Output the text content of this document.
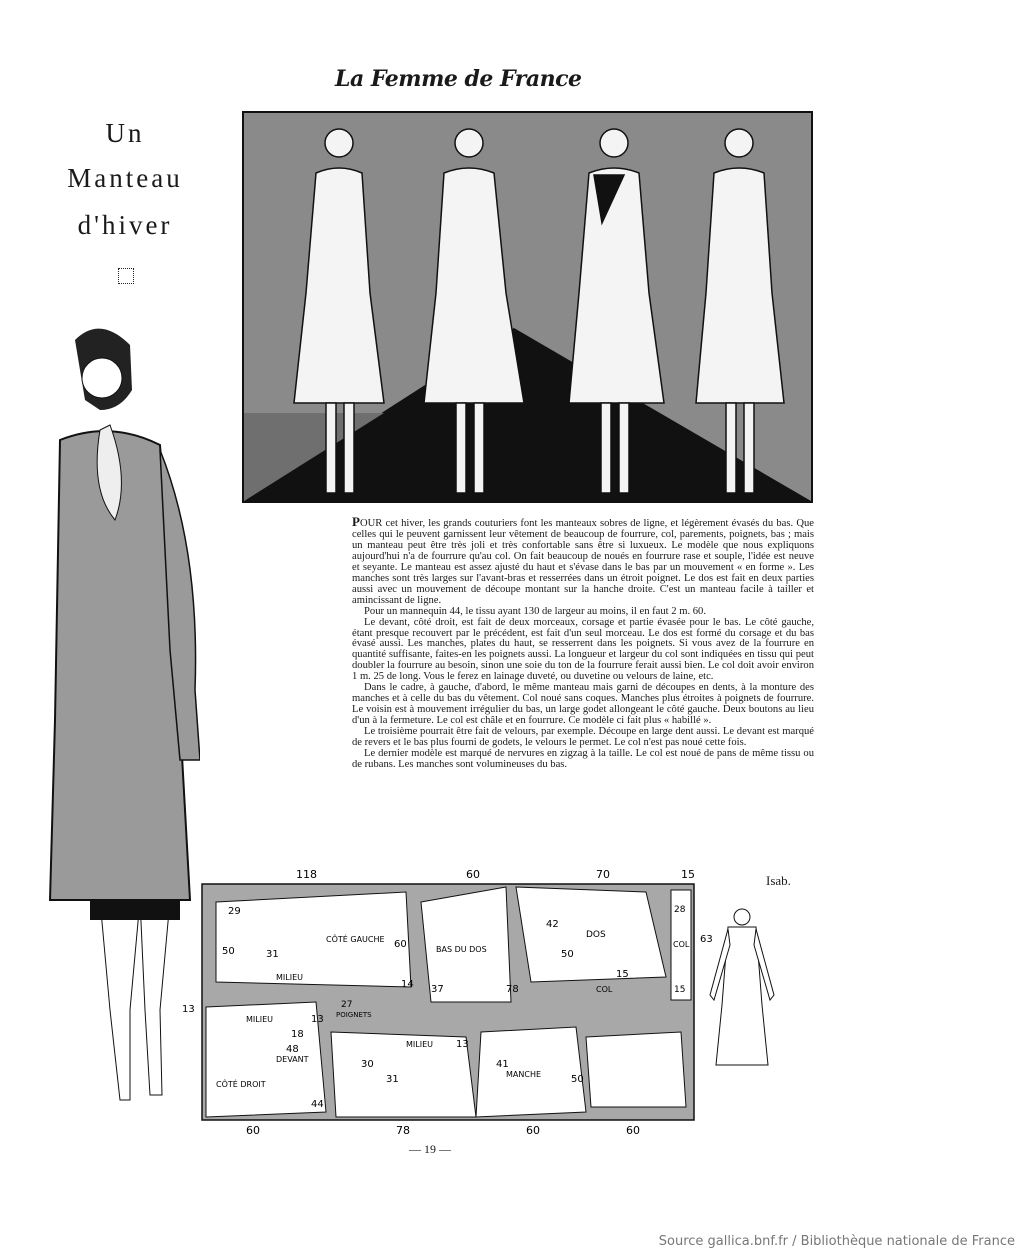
La Femme de France
Un
Manteau
d'hiver

POUR cet hiver, les grands couturiers font les manteaux sobres de ligne, et légèrement évasés du bas. Que celles qui le peuvent garnissent leur vêtement de beaucoup de fourrure, col, parements, poignets, bas ; mais un manteau peut être très joli et très confortable sans être si luxueux. Le modèle que nous expliquons aujourd'hui n'a de fourrure qu'au col. On fait beaucoup de noués en fourrure rase et souple, l'idée est neuve et seyante. Le manteau est assez ajusté du haut et s'évase dans le bas par un mouvement « en forme ». Les manches sont très larges sur l'avant-bras et resserrées dans un étroit poignet. Le dos est fait en deux parties aussi avec un mouvement de découpe montant sur la hanche droite. C'est un manteau facile à tailler et amincissant de ligne.

Pour un mannequin 44, le tissu ayant 130 de largeur au moins, il en faut 2 m. 60.

Le devant, côté droit, est fait de deux morceaux, corsage et partie évasée pour le bas. Le côté gauche, étant presque recouvert par le précédent, est fait d'un seul morceau. Le dos est formé du corsage et du bas évasé aussi. Les manches, plates du haut, se resserrent dans les poignets. Si vous avez de la fourrure en quantité suffisante, faites-en les poignets aussi. La longueur et largeur du col sont indiquées en tissu qui peut doubler la fourrure au besoin, sinon une soie du ton de la fourrure ferait aussi bien. Le col doit avoir environ 1 m. 25 de long. Vous le ferez en lainage duveté, ou duvetine ou velours de laine, etc.

Dans le cadre, à gauche, d'abord, le même manteau mais garni de découpes en dents, à la monture des manches et à celle du bas du vêtement. Col noué sans coques. Manches plus étroites à poignets de fourrure. Le voisin est à mouvement irrégulier du bas, un large godet allongeant le côté gauche. Deux boutons au lieu d'un à la fermeture. Le col est châle et en fourrure. Ce modèle ci fait plus « habillé ».

Le troisième pourrait être fait de velours, par exemple. Découpe en large dent aussi. Le devant est marqué de revers et le bas plus fourni de godets, le velours le permet. Le col n'est pas noué cette fois.

Le dernier modèle est marqué de nervures en zigzag à la taille. Le col est noué de pans de même tissu ou de rubans. Les manches sont volumineuses du bas.

Isab.
118	60	70	15
60	78	60	60
13
63
CÔTÉ GAUCHE
MILIEU
BAS DU DOS
DOS
COL
MILIEU
DEVANT
CÔTÉ DROIT
MILIEU
MANCHE
POIGNETS
COL
29
50	31
60
14 37
42
50
15
78
13
18
48
30
31
13
44
50
41
28
15
27
— 19 —
Source gallica.bnf.fr / Bibliothèque nationale de France
